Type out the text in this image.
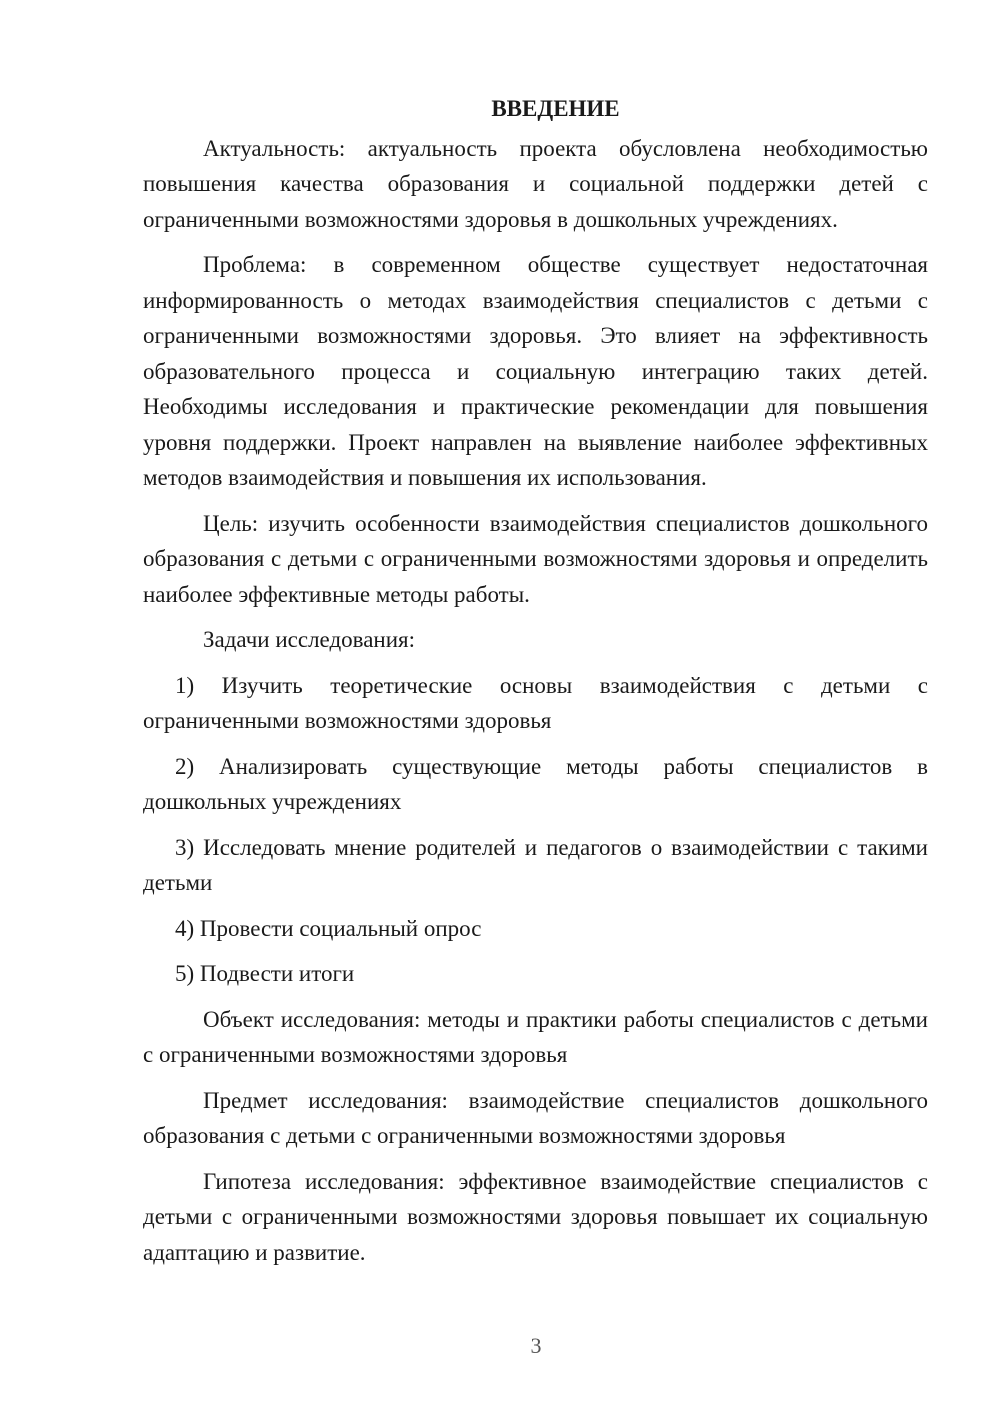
ВВЕДЕНИЕ

Актуальность: актуальность проекта обусловлена необходимостью повышения качества образования и социальной поддержки детей с ограниченными возможностями здоровья в дошкольных учреждениях.

Проблема: в современном обществе существует недостаточная информированность о методах взаимодействия специалистов с детьми с ограниченными возможностями здоровья. Это влияет на эффективность образовательного процесса и социальную интеграцию таких детей. Необходимы исследования и практические рекомендации для повышения уровня поддержки. Проект направлен на выявление наиболее эффективных методов взаимодействия и повышения их использования.

Цель: изучить особенности взаимодействия специалистов дошкольного образования с детьми с ограниченными возможностями здоровья и определить наиболее эффективные методы работы.

Задачи исследования:

1) Изучить теоретические основы взаимодействия с детьми с ограниченными возможностями здоровья

2) Анализировать существующие методы работы специалистов в дошкольных учреждениях

3) Исследовать мнение родителей и педагогов о взаимодействии с такими детьми

4) Провести социальный опрос

5) Подвести итоги

Объект исследования: методы и практики работы специалистов с детьми с ограниченными возможностями здоровья

Предмет исследования: взаимодействие специалистов дошкольного образования с детьми с ограниченными возможностями здоровья

Гипотеза исследования: эффективное взаимодействие специалистов с детьми с ограниченными возможностями здоровья повышает их социальную адаптацию и развитие.

3
